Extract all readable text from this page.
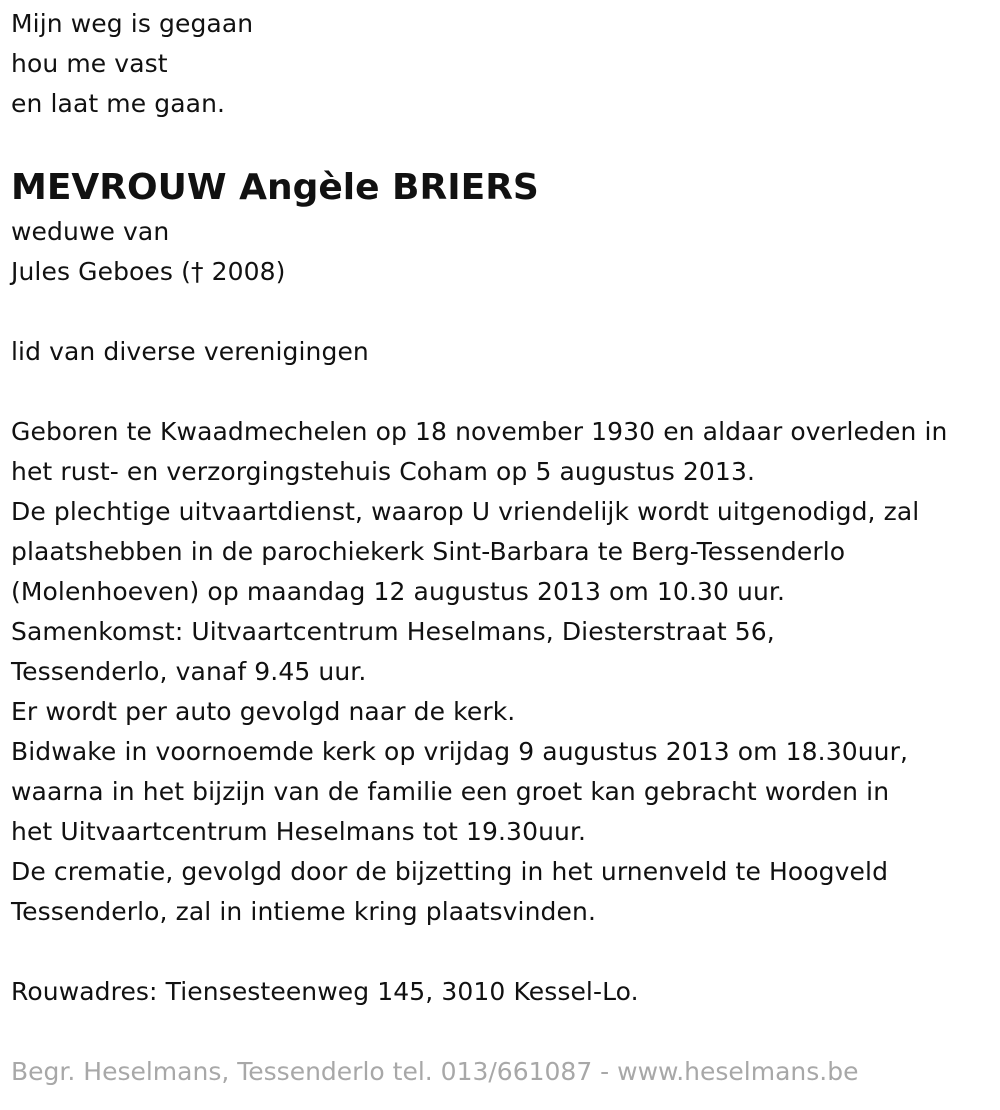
Mijn weg is gegaan
hou me vast
en laat me gaan.
MEVROUW Angèle BRIERS
weduwe van
Jules Geboes († 2008)
lid van diverse verenigingen
Geboren te Kwaadmechelen op 18 november 1930 en aldaar overleden in
het rust- en verzorgingstehuis Coham op 5 augustus 2013.
De plechtige uitvaartdienst, waarop U vriendelijk wordt uitgenodigd, zal
plaatshebben in de parochiekerk Sint-Barbara te Berg-Tessenderlo
(Molenhoeven) op maandag 12 augustus 2013 om 10.30 uur.
Samenkomst: Uitvaartcentrum Heselmans, Diesterstraat 56,
Tessenderlo, vanaf 9.45 uur.
Er wordt per auto gevolgd naar de kerk.
Bidwake in voornoemde kerk op vrijdag 9 augustus 2013 om 18.30uur,
waarna in het bijzijn van de familie een groet kan gebracht worden in
het Uitvaartcentrum Heselmans tot 19.30uur.
De crematie, gevolgd door de bijzetting in het urnenveld te Hoogveld
Tessenderlo, zal in intieme kring plaatsvinden.
Rouwadres: Tiensesteenweg 145, 3010 Kessel-Lo.
Begr. Heselmans, Tessenderlo tel. 013/661087 - www.heselmans.be
